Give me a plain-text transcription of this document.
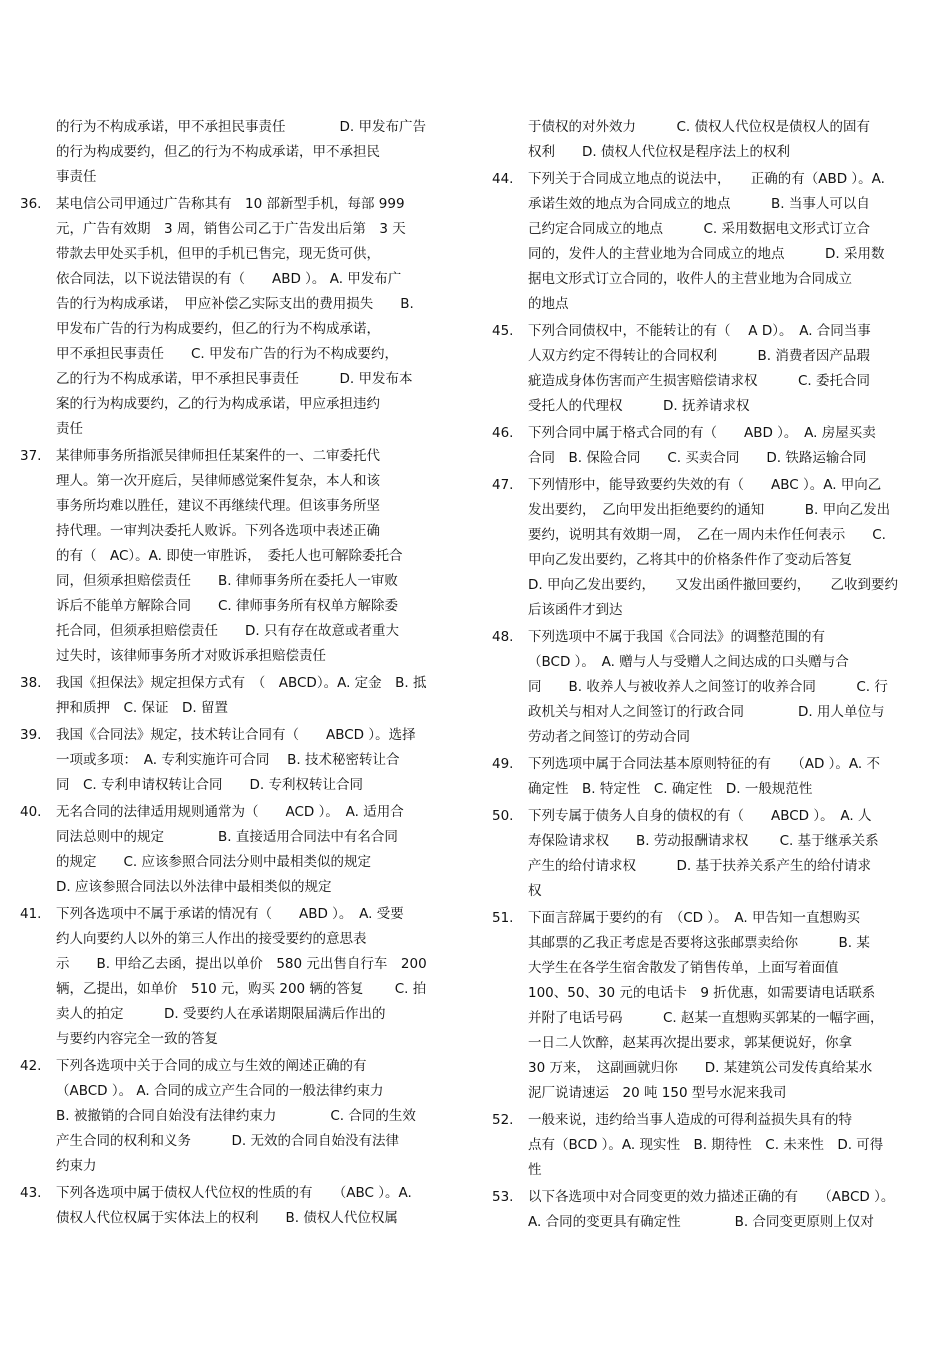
的行为不构成承诺，甲不承担民事责任　　　　D. 甲发布广告
的行为构成要约，但乙的行为不构成承诺，甲不承担民
事责任
36.	某电信公司甲通过广告称其有　10 部新型手机，每部 999
元，广告有效期　3 周，销售公司乙于广告发出后第　3 天
带款去甲处买手机，但甲的手机已售完，现无货可供，
依合同法，以下说法错误的有（　　ABD ）。 A. 甲发布广
告的行为构成承诺，　甲应补偿乙实际支出的费用损失　　B.
甲发布广告的行为构成要约，但乙的行为不构成承诺，
甲不承担民事责任　　C. 甲发布广告的行为不构成要约，
乙的行为不构成承诺，甲不承担民事责任　　　D. 甲发布本
案的行为构成要约，乙的行为构成承诺，甲应承担违约
责任
37.	某律师事务所指派吴律师担任某案件的一、二审委托代
理人。第一次开庭后，吴律师感觉案件复杂，本人和该
事务所均难以胜任，建议不再继续代理。但该事务所坚
持代理。一审判决委托人败诉。下列各选项中表述正确
的有（　AC）。A. 即使一审胜诉，　委托人也可解除委托合
同，但须承担赔偿责任　　B. 律师事务所在委托人一审败
诉后不能单方解除合同　　C. 律师事务所有权单方解除委
托合同，但须承担赔偿责任　　D. 只有存在故意或者重大
过失时，该律师事务所才对败诉承担赔偿责任
38.	我国《担保法》规定担保方式有　（　ABCD）。A. 定金　B. 抵
押和质押　C. 保证　D. 留置
39.	我国《合同法》规定，技术转让合同有（　　ABCD ）。选择
一项或多项：　A. 专利实施许可合同　 B. 技术秘密转让合
同　C. 专利申请权转让合同　　D. 专利权转让合同
40.	无名合同的法律适用规则通常为（　　ACD ）。　A. 适用合
同法总则中的规定　　　　B. 直接适用合同法中有名合同
的规定　　C. 应该参照合同法分则中最相类似的规定
D. 应该参照合同法以外法律中最相类似的规定
41.	下列各选项中不属于承诺的情况有（　　ABD ）。　A. 受要
约人向要约人以外的第三人作出的接受要约的意思表
示　　B. 甲给乙去函，提出以单价　580 元出售自行车　200
辆，乙提出，如单价　510 元，购买 200 辆的答复　　 C. 拍
卖人的拍定　　　D. 受要约人在承诺期限届满后作出的
与要约内容完全一致的答复
42.	下列各选项中关于合同的成立与生效的阐述正确的有
（ABCD ）。 A. 合同的成立产生合同的一般法律约束力
B. 被撤销的合同自始没有法律约束力　　　　C. 合同的生效
产生合同的权利和义务　　　D. 无效的合同自始没有法律
约束力
43.	下列各选项中属于债权人代位权的性质的有　　（ABC ）。A.
债权人代位权属于实体法上的权利　　B. 债权人代位权属
于债权的对外效力　　　C. 债权人代位权是债权人的固有
权利　　D. 债权人代位权是程序法上的权利
44.	下列关于合同成立地点的说法中，　　正确的有（ABD ）。A.
承诺生效的地点为合同成立的地点　　　B. 当事人可以自
己约定合同成立的地点　　　C. 采用数据电文形式订立合
同的，发件人的主营业地为合同成立的地点　　　D. 采用数
据电文形式订立合同的，收件人的主营业地为合同成立
的地点
45.	下列合同债权中，不能转让的有（　 A D）。　A. 合同当事
人双方约定不得转让的合同权利　　　B. 消费者因产品瑕
疵造成身体伤害而产生损害赔偿请求权　　　C. 委托合同
受托人的代理权　　　D. 抚养请求权
46.	下列合同中属于格式合同的有（　　ABD ）。　A. 房屋买卖
合同　B. 保险合同　　C. 买卖合同　　D. 铁路运输合同
47.	下列情形中，能导致要约失效的有（　　ABC ）。A. 甲向乙
发出要约，　乙向甲发出拒绝要约的通知　　　B. 甲向乙发出
要约，说明其有效期一周，　乙在一周内未作任何表示　　C.
甲向乙发出要约，乙将其中的价格条件作了变动后答复
D. 甲向乙发出要约，　　又发出函件撤回要约，　　乙收到要约
后该函件才到达
48.	下列选项中不属于我国《合同法》的调整范围的有
（BCD ）。　A. 赠与人与受赠人之间达成的口头赠与合
同　　B. 收养人与被收养人之间签订的收养合同　　　C. 行
政机关与相对人之间签订的行政合同　　　　D. 用人单位与
劳动者之间签订的劳动合同
49.	下列选项中属于合同法基本原则特征的有　　（AD ）。A. 不
确定性　B. 特定性　C. 确定性　D. 一般规范性
50.	下列专属于债务人自身的债权的有（　　ABCD ）。　A. 人
寿保险请求权　　B. 劳动报酬请求权　　 C. 基于继承关系
产生的给付请求权　　　D. 基于扶养关系产生的给付请求
权
51.	下面言辞属于要约的有　（CD ）。　A. 甲告知一直想购买
其邮票的乙我正考虑是否要将这张邮票卖给你　　　B. 某
大学生在各学生宿舍散发了销售传单，上面写着面值
100、50、30 元的电话卡　9 折优惠，如需要请电话联系
并附了电话号码　　　C. 赵某一直想购买郭某的一幅字画，
一日二人饮醉，赵某再次提出要求，郭某便说好，你拿
30 万来，　这副画就归你　　D. 某建筑公司发传真给某水
泥厂说请速运　20 吨 150 型号水泥来我司
52.	一般来说，违约给当事人造成的可得利益损失具有的特
点有（BCD ）。A. 现实性　B. 期待性　C. 未来性　D. 可得
性
53.	以下各选项中对合同变更的效力描述正确的有　　（ABCD ）。
A. 合同的变更具有确定性　　　　B. 合同变更原则上仅对
